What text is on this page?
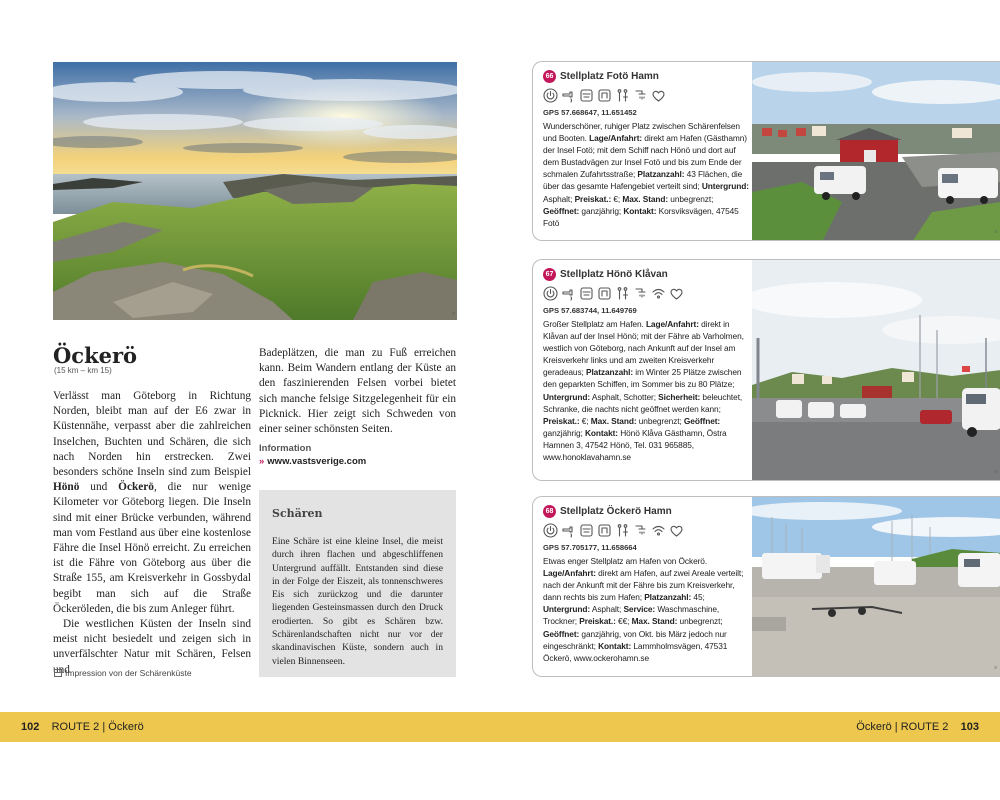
©
Öckerö
(15 km – km 15)

Verlässt man Göteborg in Richtung Norden, bleibt man auf der E6 zwar in Küstennähe, verpasst aber die zahlreichen Inselchen, Buchten und Schären, die sich nach Norden hin erstrecken. Zwei besonders schöne Inseln sind zum Beispiel Hönö und Öckerö, die nur wenige Kilometer vor Göteborg liegen. Die Inseln sind mit einer Brücke verbunden, während man vom Festland aus über eine kostenlose Fähre die Insel Hönö erreicht. Zu erreichen ist die Fähre von Göteborg aus über die Straße 155, am Kreisverkehr in Gossbydal begibt man sich auf die Straße Öckeröleden, die bis zum Anleger führt.

Die westlichen Küsten der Inseln sind meist nicht besiedelt und zeigen sich in unverfälschter Natur mit Schären, Felsen und

Badeplätzen, die man zu Fuß erreichen kann. Beim Wandern entlang der Küste an den faszinierenden Felsen vorbei bietet sich manche felsige Sitzgelegenheit für ein Picknick. Hier zeigt sich Schweden von einer seiner schönsten Seiten.
Information
» www.vastsverige.com
Schären

Eine Schäre ist eine kleine Insel, die meist durch ihren flachen und abgeschliffenen Untergrund auffällt. Entstanden sind diese in der Folge der Eiszeit, als tonnenschweres Eis sich zurückzog und die darunter liegenden Gesteinsmassen durch den Druck erodierten. So gibt es Schären bzw. Schärenlandschaften nicht nur vor der skandinavischen Küste, sondern auch in vielen Binnenseen.

Impression von der Schärenküste
66 Stellplatz Fotö Hamn
GPS 57.668647, 11.651452
Wunderschöner, ruhiger Platz zwischen Schärenfelsen und Booten. Lage/Anfahrt: direkt am Hafen (Gästhamn) der Insel Fotö; mit dem Schiff nach Hönö und dort auf dem Bustadvägen zur Insel Fotö und bis zum Ende der schmalen Zufahrtsstraße; Platzanzahl: 43 Flächen, die über das gesamte Hafengebiet verteilt sind; Untergrund: Asphalt; Preiskat.: €; Max. Stand: unbegrenzt; Geöffnet: ganzjährig; Kontakt: Korsviksvägen, 47545 Fotö
©
67 Stellplatz Hönö Klåvan
GPS 57.683744, 11.649769
Großer Stellplatz am Hafen. Lage/Anfahrt: direkt in Klåvan auf der Insel Hönö; mit der Fähre ab Varholmen, westlich von Göteborg, nach Ankunft auf der Insel am Kreisverkehr links und am zweiten Kreisverkehr geradeaus; Platzanzahl: im Winter 25 Plätze zwischen den geparkten Schiffen, im Sommer bis zu 80 Plätze; Untergrund: Asphalt, Schotter; Sicherheit: beleuchtet, Schranke, die nachts nicht geöffnet werden kann; Preiskat.: €; Max. Stand: unbegrenzt; Geöffnet: ganzjährig; Kontakt: Hönö Klåva Gästhamn, Östra Hamnen 3, 47542 Hönö, Tel. 031 965885, www.honoklavahamn.se
©
68 Stellplatz Öckerö Hamn
GPS 57.705177, 11.658664
Etwas enger Stellplatz am Hafen von Öckerö. Lage/Anfahrt: direkt am Hafen, auf zwei Areale verteilt; nach der Ankunft mit der Fähre bis zum Kreisverkehr, dann rechts bis zum Hafen; Platzanzahl: 45; Untergrund: Asphalt; Service: Waschmaschine, Trockner; Preiskat.: €€; Max. Stand: unbegrenzt; Geöffnet: ganzjährig, von Okt. bis März jedoch nur eingeschränkt; Kontakt: Lammholmsvägen, 47531 Öckerö, www.ockerohamn.se
©
102 ROUTE 2 | Öckerö	Öckerö | ROUTE 2 103
